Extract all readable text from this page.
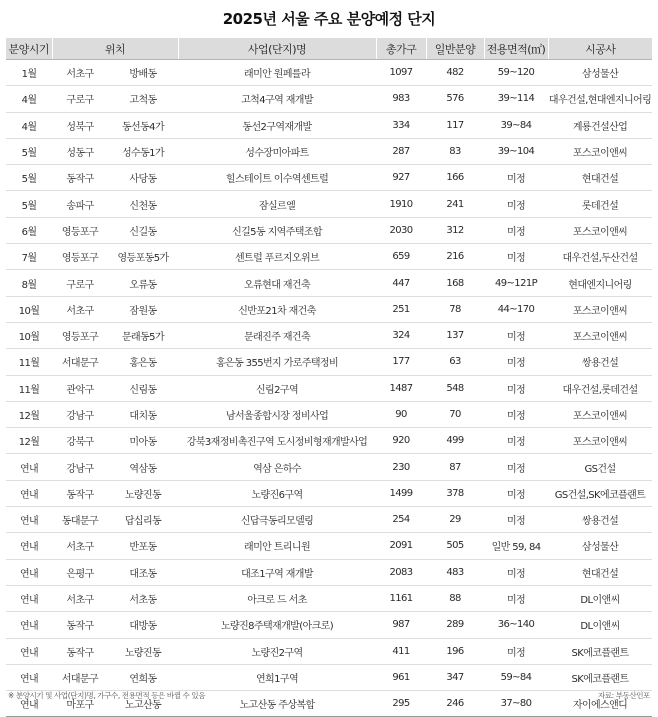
2025년 서울 주요 분양예정 단지
분양시기	위치		사업(단지)명	총가구	일반분양	전용면적(㎡)	시공사
1월	서초구	방배동	래미안 원페를라	1097	482	59~120	삼성물산
4월	구로구	고척동	고척4구역 재개발	983	576	39~114	대우건설,현대엔지니어링
4월	성북구	동선동4가	동선2구역재개발	334	117	39~84	계룡건설산업
5월	성동구	성수동1가	성수장미아파트	287	83	39~104	포스코이앤씨
5월	동작구	사당동	힐스테이트 이수역센트럴	927	166	미정	현대건설
5월	송파구	신천동	잠실르엘	1910	241	미정	롯데건설
6월	영등포구	신길동	신길5동 지역주택조합	2030	312	미정	포스코이앤씨
7월	영등포구	영등포동5가	센트럴 푸르지오위브	659	216	미정	대우건설,두산건설
8월	구로구	오류동	오류현대 재건축	447	168	49~121P	현대엔지니어링
10월	서초구	잠원동	신반포21차 재건축	251	78	44~170	포스코이앤씨
10월	영등포구	문래동5가	문래진주 재건축	324	137	미정	포스코이앤씨
11월	서대문구	홍은동	홍은동 355번지 가로주택정비	177	63	미정	쌍용건설
11월	관악구	신림동	신림2구역	1487	548	미정	대우건설,롯데건설
12월	강남구	대치동	남서울종합시장 정비사업	90	70	미정	포스코이앤씨
12월	강북구	미아동	강북3재정비촉진구역 도시정비형재개발사업	920	499	미정	포스코이앤씨
연내	강남구	역삼동	역삼 은하수	230	87	미정	GS건설
연내	동작구	노량진동	노량진6구역	1499	378	미정	GS건설,SK에코플랜트
연내	동대문구	답십리동	신답극동리모델링	254	29	미정	쌍용건설
연내	서초구	반포동	래미안 트리니원	2091	505	일반 59, 84	삼성물산
연내	은평구	대조동	대조1구역 재개발	2083	483	미정	현대건설
연내	서초구	서초동	아크로 드 서초	1161	88	미정	DL이앤씨
연내	동작구	대방동	노량진8주택재개발(아크로)	987	289	36~140	DL이앤씨
연내	동작구	노량진동	노량진2구역	411	196	미정	SK에코플랜트
연내	서대문구	연희동	연희1구역	961	347	59~84	SK에코플랜트
연내	마포구	노고산동	노고산동 주상복합	295	246	37~80	자이에스앤디
※ 분양시기 및 사업(단지)명, 가구수, 전용면적 등은 바뀔 수 있음	자료: 부동산인포
